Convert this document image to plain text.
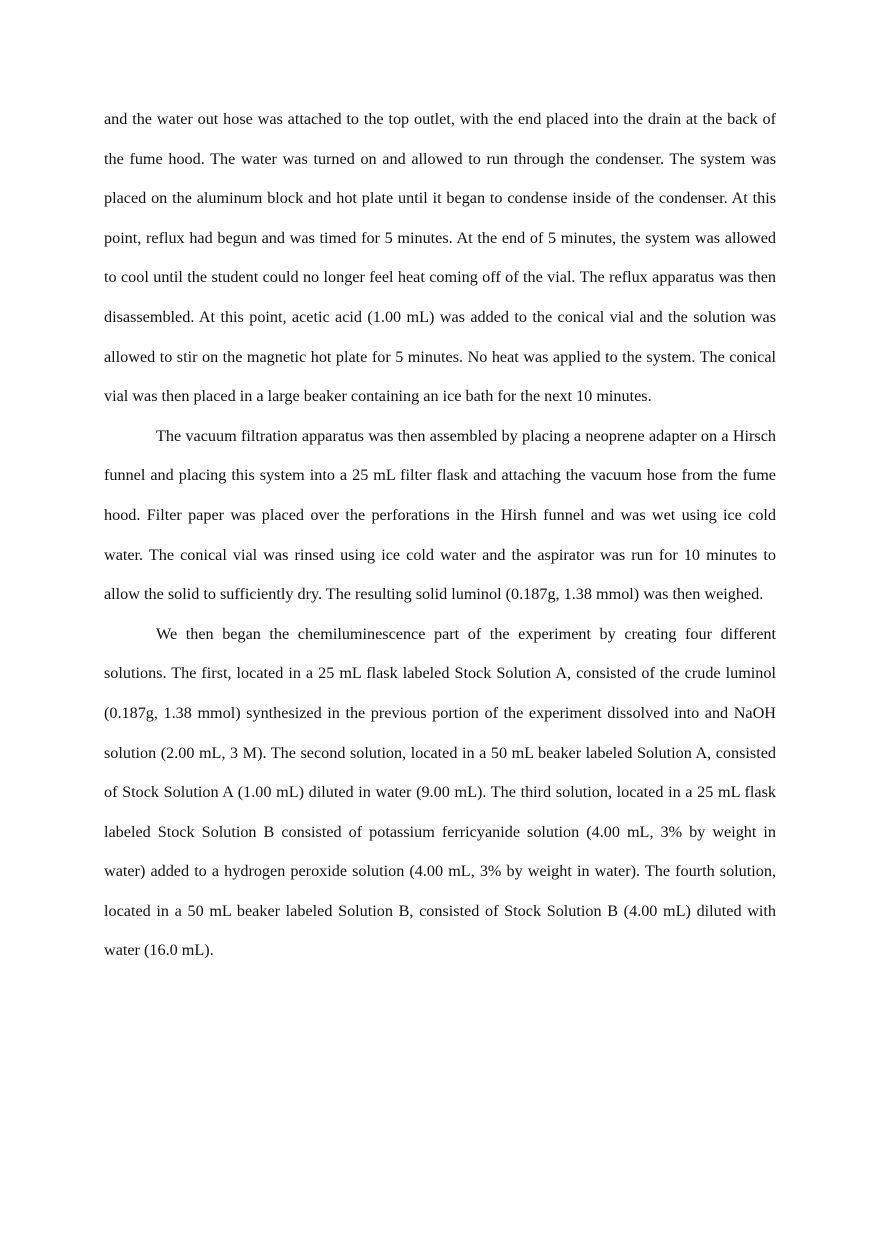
and the water out hose was attached to the top outlet, with the end placed into the drain at the back of the fume hood. The water was turned on and allowed to run through the condenser. The system was placed on the aluminum block and hot plate until it began to condense inside of the condenser. At this point, reflux had begun and was timed for 5 minutes. At the end of 5 minutes, the system was allowed to cool until the student could no longer feel heat coming off of the vial. The reflux apparatus was then disassembled. At this point, acetic acid (1.00 mL) was added to the conical vial and the solution was allowed to stir on the magnetic hot plate for 5 minutes. No heat was applied to the system. The conical vial was then placed in a large beaker containing an ice bath for the next 10 minutes.

The vacuum filtration apparatus was then assembled by placing a neoprene adapter on a Hirsch funnel and placing this system into a 25 mL filter flask and attaching the vacuum hose from the fume hood. Filter paper was placed over the perforations in the Hirsh funnel and was wet using ice cold water. The conical vial was rinsed using ice cold water and the aspirator was run for 10 minutes to allow the solid to sufficiently dry. The resulting solid luminol (0.187g, 1.38 mmol) was then weighed.

We then began the chemiluminescence part of the experiment by creating four different solutions. The first, located in a 25 mL flask labeled Stock Solution A, consisted of the crude luminol (0.187g, 1.38 mmol) synthesized in the previous portion of the experiment dissolved into and NaOH solution (2.00 mL, 3 M). The second solution, located in a 50 mL beaker labeled Solution A, consisted of Stock Solution A (1.00 mL) diluted in water (9.00 mL). The third solution, located in a 25 mL flask labeled Stock Solution B consisted of potassium ferricyanide solution (4.00 mL, 3% by weight in water) added to a hydrogen peroxide solution (4.00 mL, 3% by weight in water). The fourth solution, located in a 50 mL beaker labeled Solution B, consisted of Stock Solution B (4.00 mL) diluted with water (16.0 mL).
